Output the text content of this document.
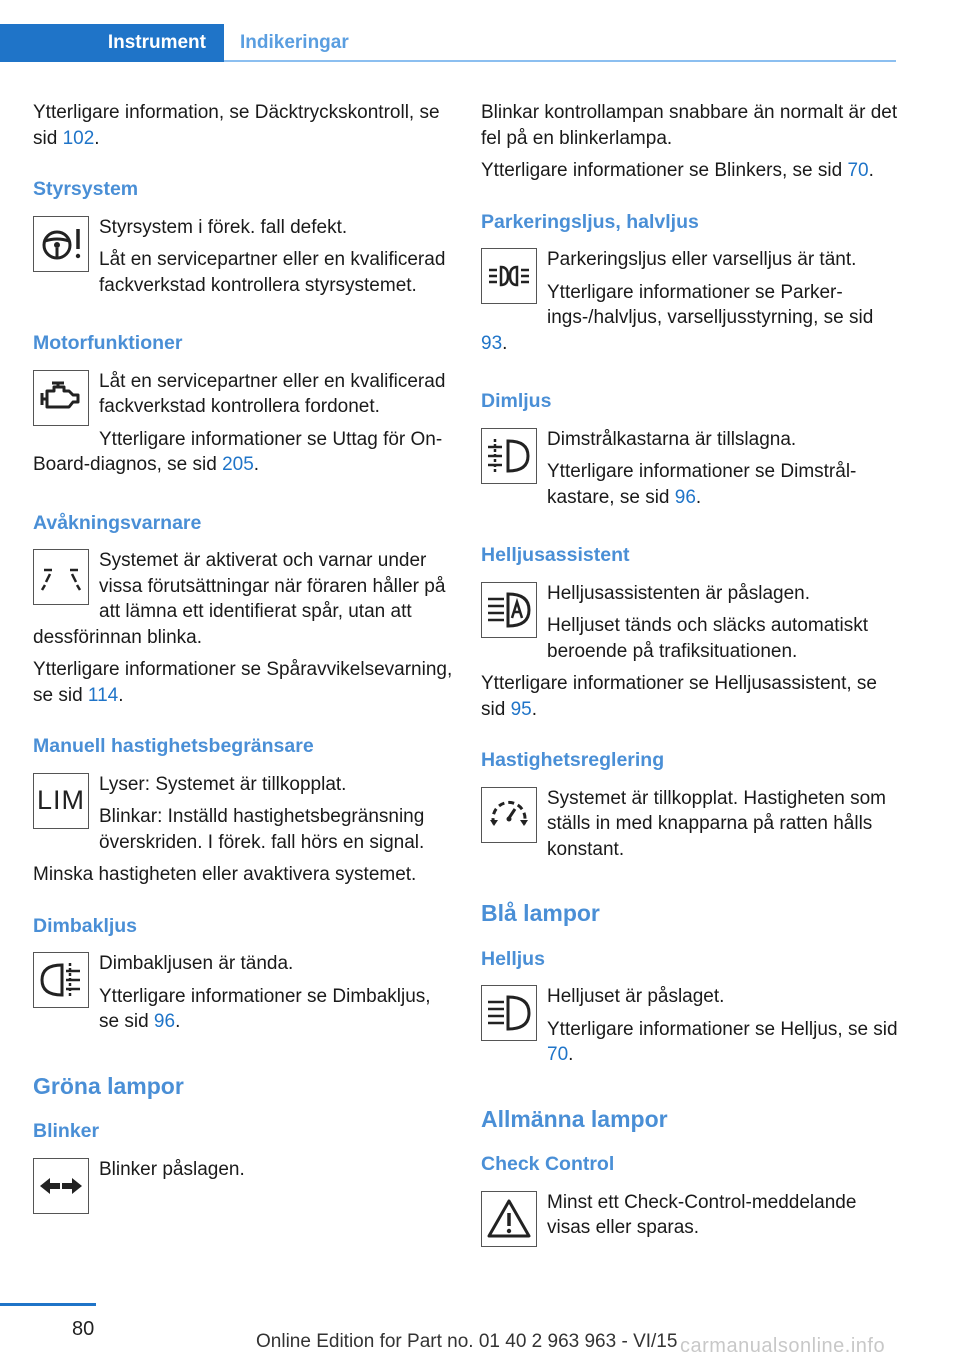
Instrument	Indikeringar

Ytterligare information, se Däcktryckskontroll, se sid 102.

Styrsystem

Styrsystem i förek. fall defekt.

Låt en servicepartner eller en kvalificerad fackverkstad kontrollera styrsystemet.

Motorfunktioner

Låt en servicepartner eller en kvalificerad fackverkstad kontrollera fordonet.

Ytterligare informationer se Uttag för On-Board-diagnos, se sid 205.

Avåkningsvarnare

Systemet är aktiverat och varnar under vissa förutsättningar när föraren håller på att lämna ett identifierat spår, utan att dessförinnan blinka.

Ytterligare informationer se Spåravvikelsevarning, se sid 114.

Manuell hastighetsbegränsare
LIM

Lyser: Systemet är tillkopplat.

Blinkar: Inställd hastighetsbegränsning överskriden. I förek. fall hörs en signal.

Minska hastigheten eller avaktivera systemet.

Dimbakljus

Dimbakljusen är tända.

Ytterligare informationer se Dimbakljus, se sid 96.

Gröna lampor
Blinker

Blinker påslagen.

Blinkar kontrollampan snabbare än normalt är det fel på en blinkerlampa.

Ytterligare informationer se Blinkers, se sid 70.

Parkeringsljus, halvljus

Parkeringsljus eller varselljus är tänt.

Ytterligare informationer se Parkerings-/halvljus, varselljusstyrning, se sid 93.

Dimljus

Dimstrålkastarna är tillslagna.

Ytterligare informationer se Dimstrålkastare, se sid 96.

Helljusassistent

Helljusassistenten är påslagen.

Helljuset tänds och släcks automatiskt beroende på trafiksituationen.

Ytterligare informationer se Helljusassistent, se sid 95.

Hastighetsreglering

Systemet är tillkopplat. Hastigheten som ställs in med knapparna på ratten hålls konstant.

Blå lampor
Helljus

Helljuset är påslaget.

Ytterligare informationer se Helljus, se sid 70.

Allmänna lampor
Check Control

Minst ett Check-Control-meddelande visas eller sparas.

80
Online Edition for Part no. 01 40 2 963 963 - VI/15 carmanualsonline.info
